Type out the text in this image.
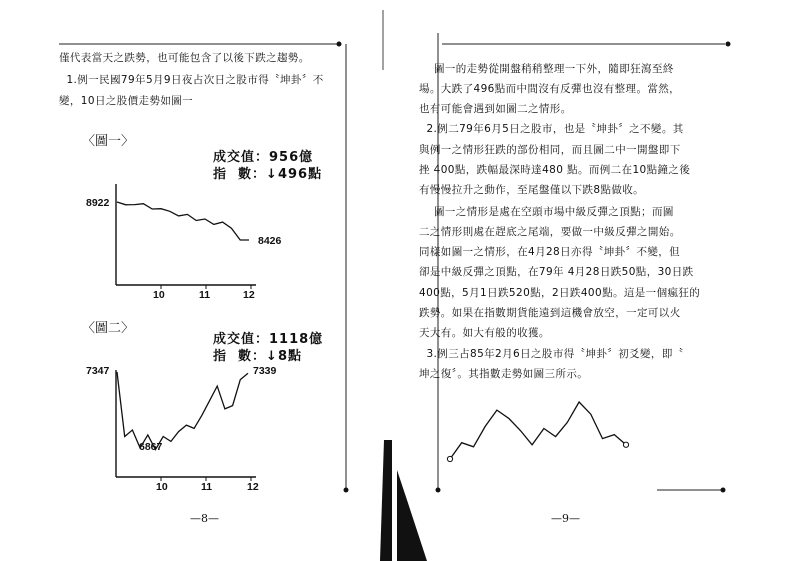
僅代表當天之跌勢，也可能包含了以後下跌之趨勢。
1.例一民國79年5月9日夜占次日之股市得〝坤卦〞不
變，10日之股價走勢如圖一
〈圖一〉
成交值：956億
指  數：↓496點
8922
8426
10	11	12
〈圖二〉
成交值：1118億
指  數：↓8點
7347	7339
6867
10	11	12
—8—
圖一的走勢從開盤稍稍整理一下外，隨即狂瀉至終
場。大跌了496點而中間沒有反彈也沒有整理。當然，
也有可能會遇到如圖二之情形。
2.例二79年6月5日之股市，也是〝坤卦〞之不變。其
與例一之情形狂跌的部份相同，而且圖二中一開盤即下
挫 400點，跌幅最深時達480 點。而例二在10點鐘之後
有慢慢拉升之動作，至尾盤僅以下跌8點做收。
圖一之情形是處在空頭市場中級反彈之頂點；而圖
二之情形則處在趕底之尾端，要做一中級反彈之開始。
同樣如圖一之情形，在4月28日亦得〝坤卦〞不變，但
卻是中級反彈之頂點，在79年 4月28日跌50點，30日跌
400點，5月1日跌520點，2日跌400點。這是一個瘋狂的
跌勢。如果在指數期貨能遠到這機會放空，一定可以火
天大有。如大有般的收獲。
3.例三占85年2月6日之股市得〝坤卦〞初爻變，即〝
坤之復〞。其指數走勢如圖三所示。
—9—
